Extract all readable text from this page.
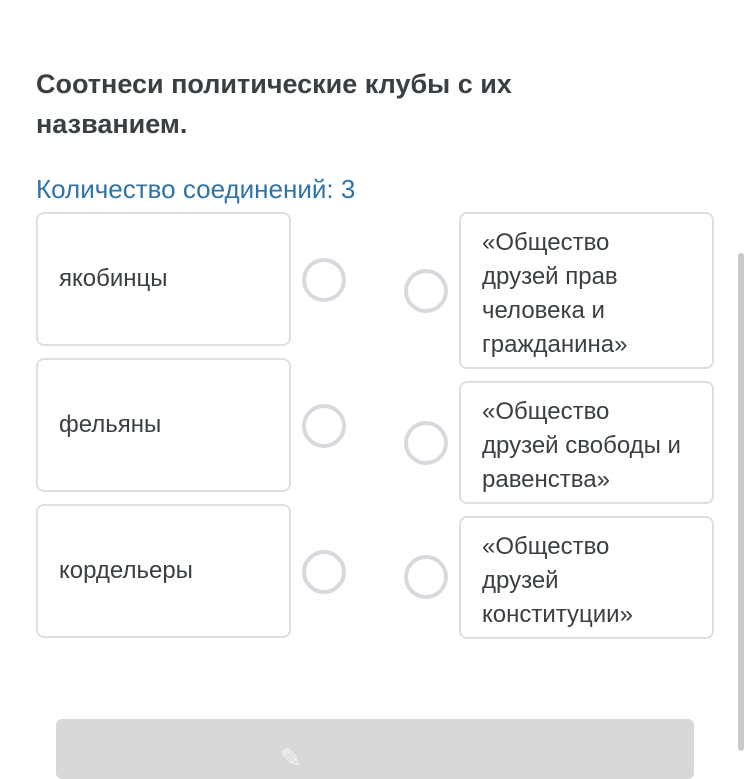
Соотнеси политические клубы с их названием.
Количество соединений: 3
якобинцы
фельяны
кордельеры
«Общество друзей прав человека и гражданина»
«Общество друзей свободы и равенства»
«Общество друзей конституции»
✎
